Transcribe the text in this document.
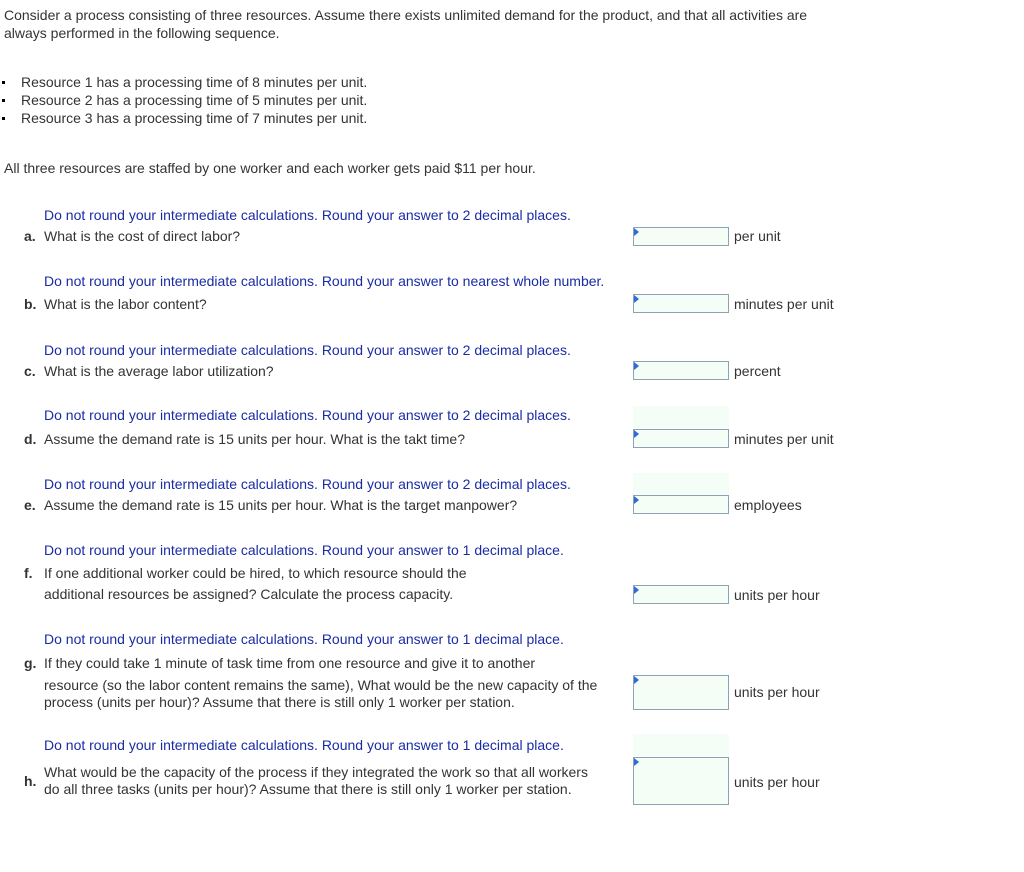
Consider a process consisting of three resources. Assume there exists unlimited demand for the product, and that all activities are
always performed in the following sequence.
Resource 1 has a processing time of 8 minutes per unit.
Resource 2 has a processing time of 5 minutes per unit.
Resource 3 has a processing time of 7 minutes per unit.
All three resources are staffed by one worker and each worker gets paid $11 per hour.
Do not round your intermediate calculations. Round your answer to 2 decimal places.
a. What is the cost of direct labor?	per unit
Do not round your intermediate calculations. Round your answer to nearest whole number.
b. What is the labor content?	minutes per unit
Do not round your intermediate calculations. Round your answer to 2 decimal places.
c. What is the average labor utilization?	percent
Do not round your intermediate calculations. Round your answer to 2 decimal places.
d. Assume the demand rate is 15 units per hour. What is the takt time?	minutes per unit
Do not round your intermediate calculations. Round your answer to 2 decimal places.
e. Assume the demand rate is 15 units per hour. What is the target manpower?	employees
Do not round your intermediate calculations. Round your answer to 1 decimal place.
f. If one additional worker could be hired, to which resource should the
additional resources be assigned? Calculate the process capacity.	units per hour
Do not round your intermediate calculations. Round your answer to 1 decimal place.
g. If they could take 1 minute of task time from one resource and give it to another
resource (so the labor content remains the same), What would be the new capacity of the
process (units per hour)? Assume that there is still only 1 worker per station.
units per hour
Do not round your intermediate calculations. Round your answer to 1 decimal place.
h.
What would be the capacity of the process if they integrated the work so that all workers
do all three tasks (units per hour)? Assume that there is still only 1 worker per station.	units per hour
